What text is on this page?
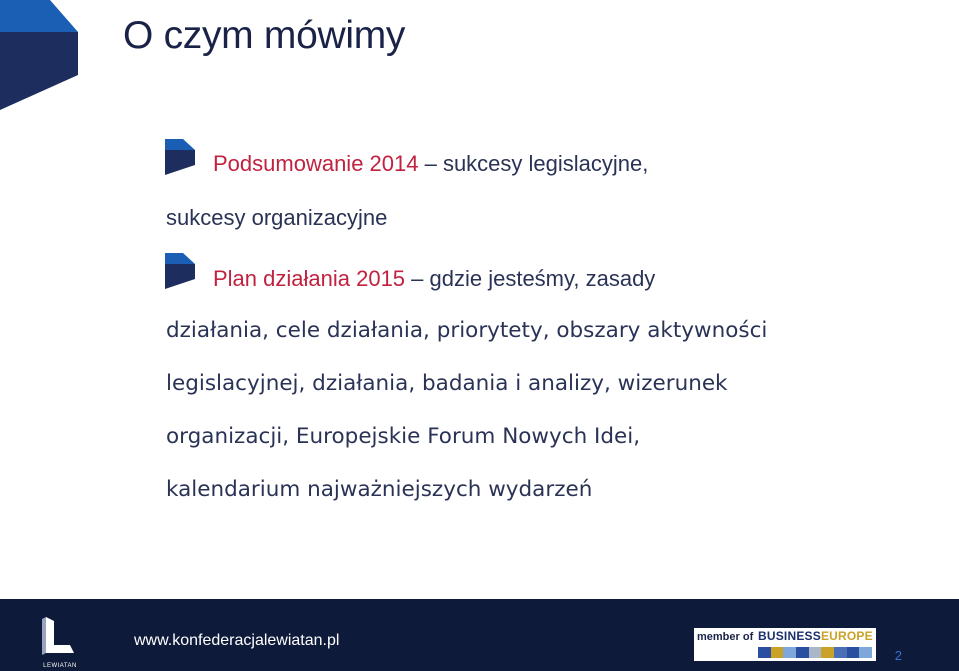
O czym mówimy
Podsumowanie 2014 – sukcesy legislacyjne,
sukcesy organizacyjne
Plan działania 2015 – gdzie jesteśmy, zasady
działania, cele działania, priorytety, obszary aktywności
legislacyjnej, działania, badania i analizy, wizerunek
organizacji, Europejskie Forum Nowych Idei,
kalendarium najważniejszych wydarzeń
LEWIATAN
www.konfederacjalewiatan.pl	member of BUSINESSEUROPE
2
